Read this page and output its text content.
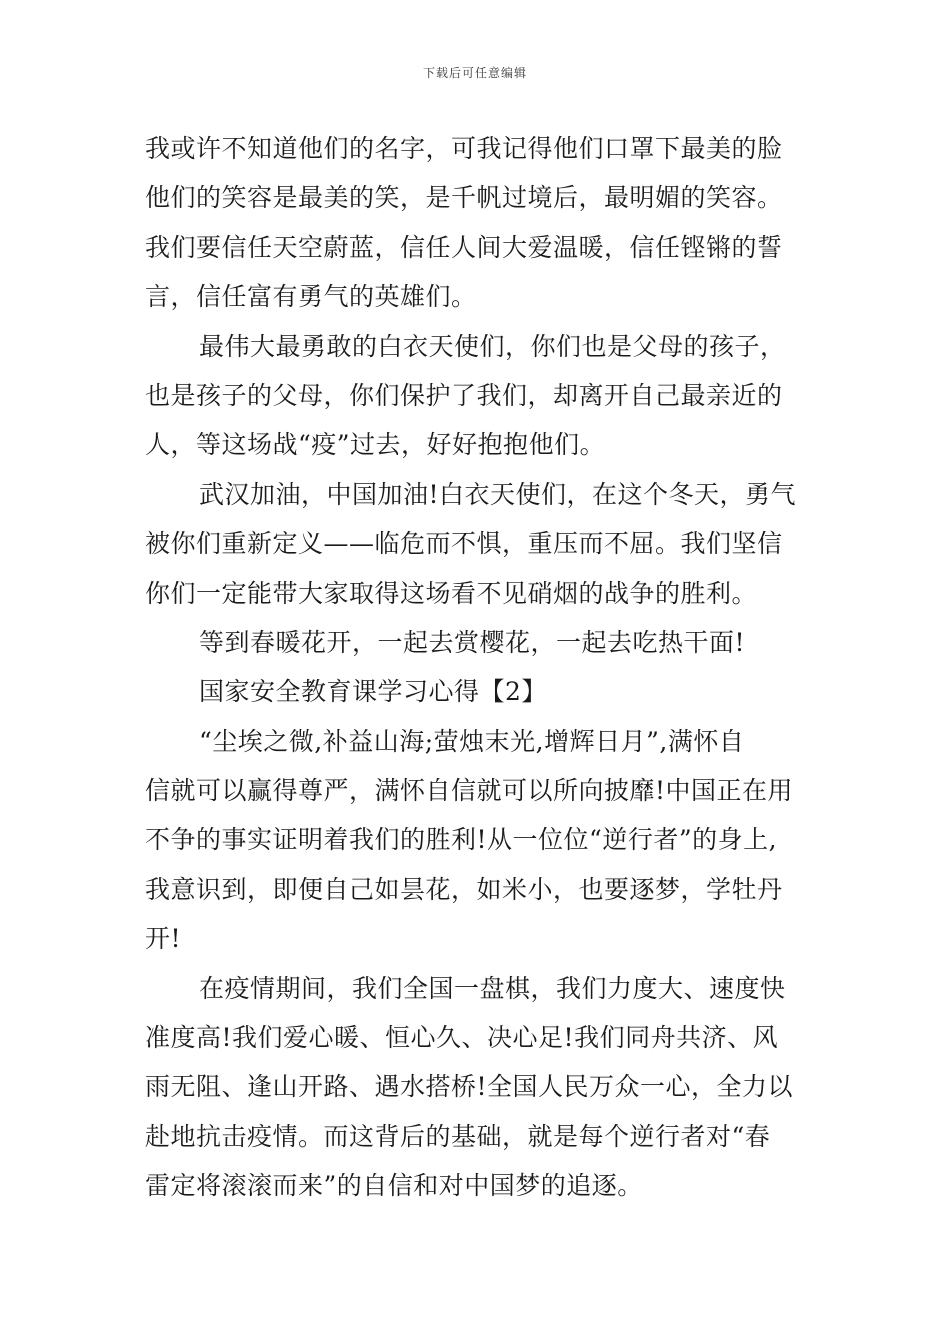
下载后可任意编辑
我或许不知道他们的名字，可我记得他们口罩下最美的脸
他们的笑容是最美的笑，是千帆过境后，最明媚的笑容。
我们要信任天空蔚蓝，信任人间大爱温暖，信任铿锵的誓
言，信任富有勇气的英雄们。
最伟大最勇敢的白衣天使们，你们也是父母的孩子，
也是孩子的父母，你们保护了我们，却离开自己最亲近的
人，等这场战“疫”过去，好好抱抱他们。
武汉加油，中国加油!白衣天使们，在这个冬天，勇气
被你们重新定义——临危而不惧，重压而不屈。我们坚信
你们一定能带大家取得这场看不见硝烟的战争的胜利。
等到春暖花开，一起去赏樱花，一起去吃热干面!
国家安全教育课学习心得【2】
“尘埃之微,补益山海;萤烛末光,增辉日月”,满怀自
信就可以赢得尊严，满怀自信就可以所向披靡!中国正在用
不争的事实证明着我们的胜利!从一位位“逆行者”的身上,
我意识到，即便自己如昙花，如米小，也要逐梦，学牡丹
开!
在疫情期间，我们全国一盘棋，我们力度大、速度快
准度高!我们爱心暖、恒心久、决心足!我们同舟共济、风
雨无阻、逢山开路、遇水搭桥!全国人民万众一心，全力以
赴地抗击疫情。而这背后的基础，就是每个逆行者对“春
雷定将滚滚而来”的自信和对中国梦的追逐。
